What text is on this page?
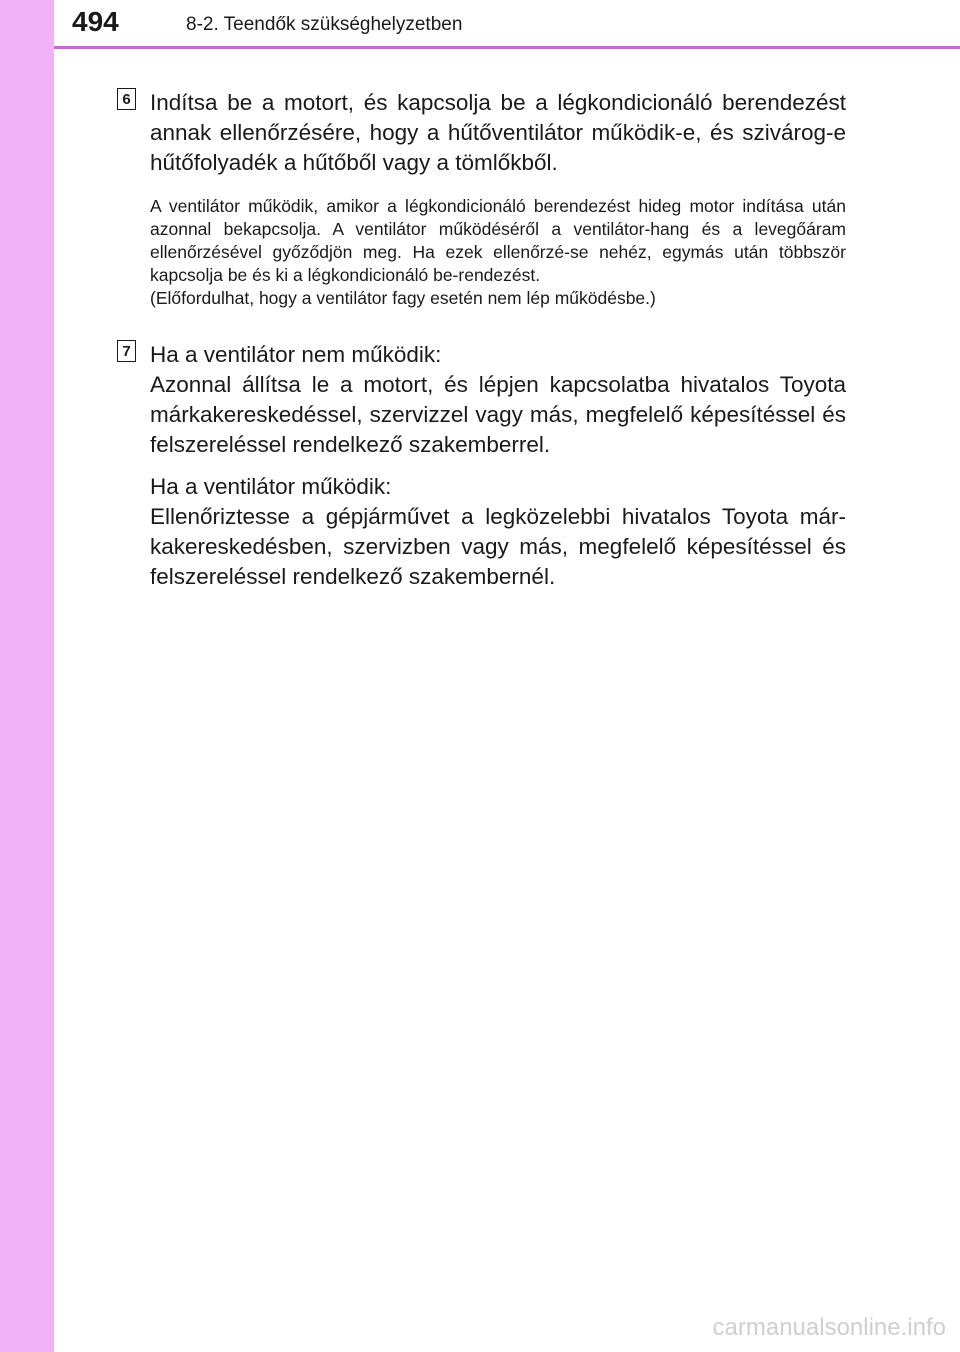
494	8-2. Teendők szükséghelyzetben
6 Indítsa be a motort, és kapcsolja be a légkondicionáló berendezést annak ellenőrzésére, hogy a hűtőventilátor működik-e, és szivárog-e hűtőfolyadék a hűtőből vagy a tömlőkből.

A ventilátor működik, amikor a légkondicionáló berendezést hideg motor indítása után azonnal bekapcsolja. A ventilátor működéséről a ventilátor-hang és a levegőáram ellenőrzésével győződjön meg. Ha ezek ellenőrzé-se nehéz, egymás után többször kapcsolja be és ki a légkondicionáló be-rendezést.

(Előfordulhat, hogy a ventilátor fagy esetén nem lép működésbe.)

7 Ha a ventilátor nem működik:

Azonnal állítsa le a motort, és lépjen kapcsolatba hivatalos Toyota márkakereskedéssel, szervizzel vagy más, megfelelő képesítéssel és felszereléssel rendelkező szakemberrel.

Ha a ventilátor működik:

Ellenőriztesse a gépjárművet a legközelebbi hivatalos Toyota már-kakereskedésben, szervizben vagy más, megfelelő képesítéssel és felszereléssel rendelkező szakembernél.

carmanualsonline.info
